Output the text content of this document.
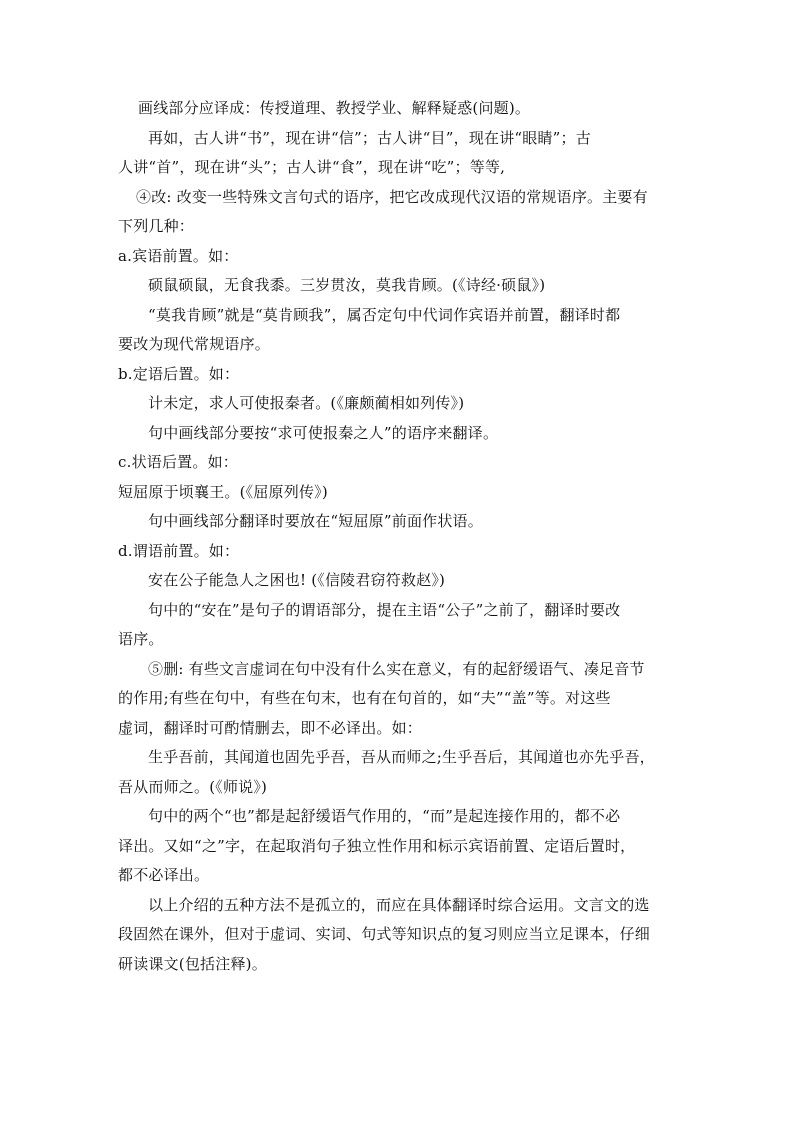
画线部分应译成：传授道理、教授学业、解释疑惑(问题)。
再如，古人讲“书”，现在讲“信”；古人讲“目”，现在讲“眼睛”；古
人讲“首”，现在讲“头”；古人讲“食”，现在讲“吃”；等等,
④改: 改变一些特殊文言句式的语序，把它改成现代汉语的常规语序。主要有
下列几种：
a.宾语前置。如：
硕鼠硕鼠，无食我黍。三岁贯汝，莫我肯顾。(《诗经·硕鼠》)
“莫我肯顾”就是“莫肯顾我”，属否定句中代词作宾语并前置，翻译时都
要改为现代常规语序。
b.定语后置。如：
计未定，求人可使报秦者。(《廉颇蔺相如列传》)
句中画线部分要按“求可使报秦之人”的语序来翻译。
c.状语后置。如：
短屈原于顷襄王。(《屈原列传》)
句中画线部分翻译时要放在“短屈原”前面作状语。
d.谓语前置。如：
安在公子能急人之困也! (《信陵君窃符救赵》)
句中的“安在”是句子的谓语部分，提在主语“公子”之前了，翻译时要改
语序。
⑤删: 有些文言虚词在句中没有什么实在意义，有的起舒缓语气、凑足音节
的作用;有些在句中，有些在句末，也有在句首的，如“夫”“盖”等。对这些
虚词，翻译时可酌情删去，即不必译出。如：
生乎吾前，其闻道也固先乎吾，吾从而师之;生乎吾后，其闻道也亦先乎吾，
吾从而师之。(《师说》)
句中的两个“也”都是起舒缓语气作用的，“而”是起连接作用的，都不必
译出。又如“之”字，在起取消句子独立性作用和标示宾语前置、定语后置时，
都不必译出。
以上介绍的五种方法不是孤立的，而应在具体翻译时综合运用。文言文的选
段固然在课外，但对于虚词、实词、句式等知识点的复习则应当立足课本，仔细
研读课文(包括注释)。
